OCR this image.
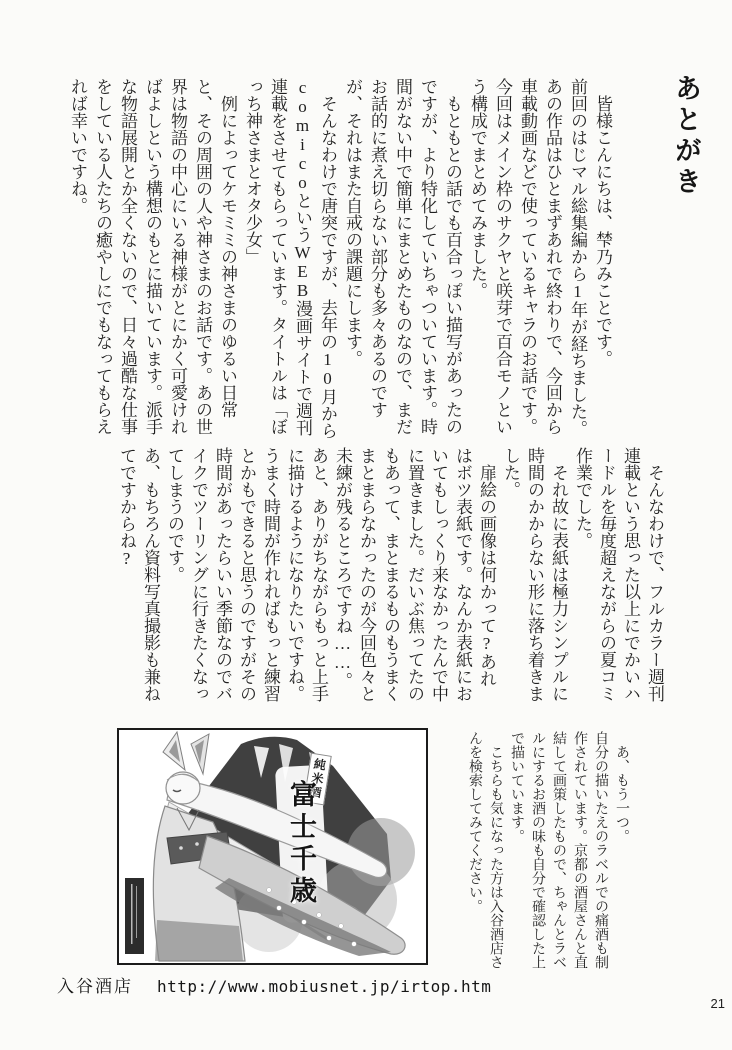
あとがき

皆様こんにちは、梺乃みことです。

前回のはじマル総集編から1年が経ちました。あの作品はひとまずあれで終わりで、今回から車載動画などで使っているキャラのお話です。今回はメイン枠のサクヤと咲芽で百合モノという構成でまとめてみました。

もともとの話でも百合っぽい描写があったのですが、より特化していちゃついています。時間がない中で簡単にまとめたものなので、まだお話的に煮え切らない部分も多々あるのですが、それはまた自戒の課題にします。

そんなわけで唐突ですが、去年の10月からcomicoというWEB漫画サイトで週刊連載をさせてもらっています。タイトルは「ぼっち神さまとオタ少女」

例によってケモミミの神さまのゆるい日常と、その周囲の人や神さまのお話です。あの世界は物語の中心にいる神様がとにかく可愛ければよしという構想のもとに描いています。派手な物語展開とか全くないので、日々過酷な仕事をしている人たちの癒やしにでもなってもらえれば幸いですね。

そんなわけで、フルカラー週刊連載という思った以上にでかいハードルを毎度超えながらの夏コミ作業でした。

それ故に表紙は極力シンプルに時間のかからない形に落ち着きました。

扉絵の画像は何かって?あれはボツ表紙です。なんか表紙においてもしっくり来なかったんで中に置きました。だいぶ焦ってたのもあって、まとまるものもうまくまとまらなかったのが今回色々と未練が残るところですね……。

あと、ありがちながらもっと上手に描けるようになりたいですね。うまく時間が作れればもっと練習とかもできると思うのですがその時間があったらいい季節なのでバイクでツーリングに行きたくなってしまうのです。

あ、もちろん資料写真撮影も兼ねてですからね?

あ、もう一つ。

自分の描いたえのラベルでの痛酒も制作されています。京都の酒屋さんと直結して画策したもので、ちゃんとラベルにするお酒の味も自分で確認した上で描いています。

こちらも気になった方は入谷酒店さんを検索してみてください。

純米酒
富士千歳
入谷酒店 http://www.mobiusnet.jp/irtop.htm
21
